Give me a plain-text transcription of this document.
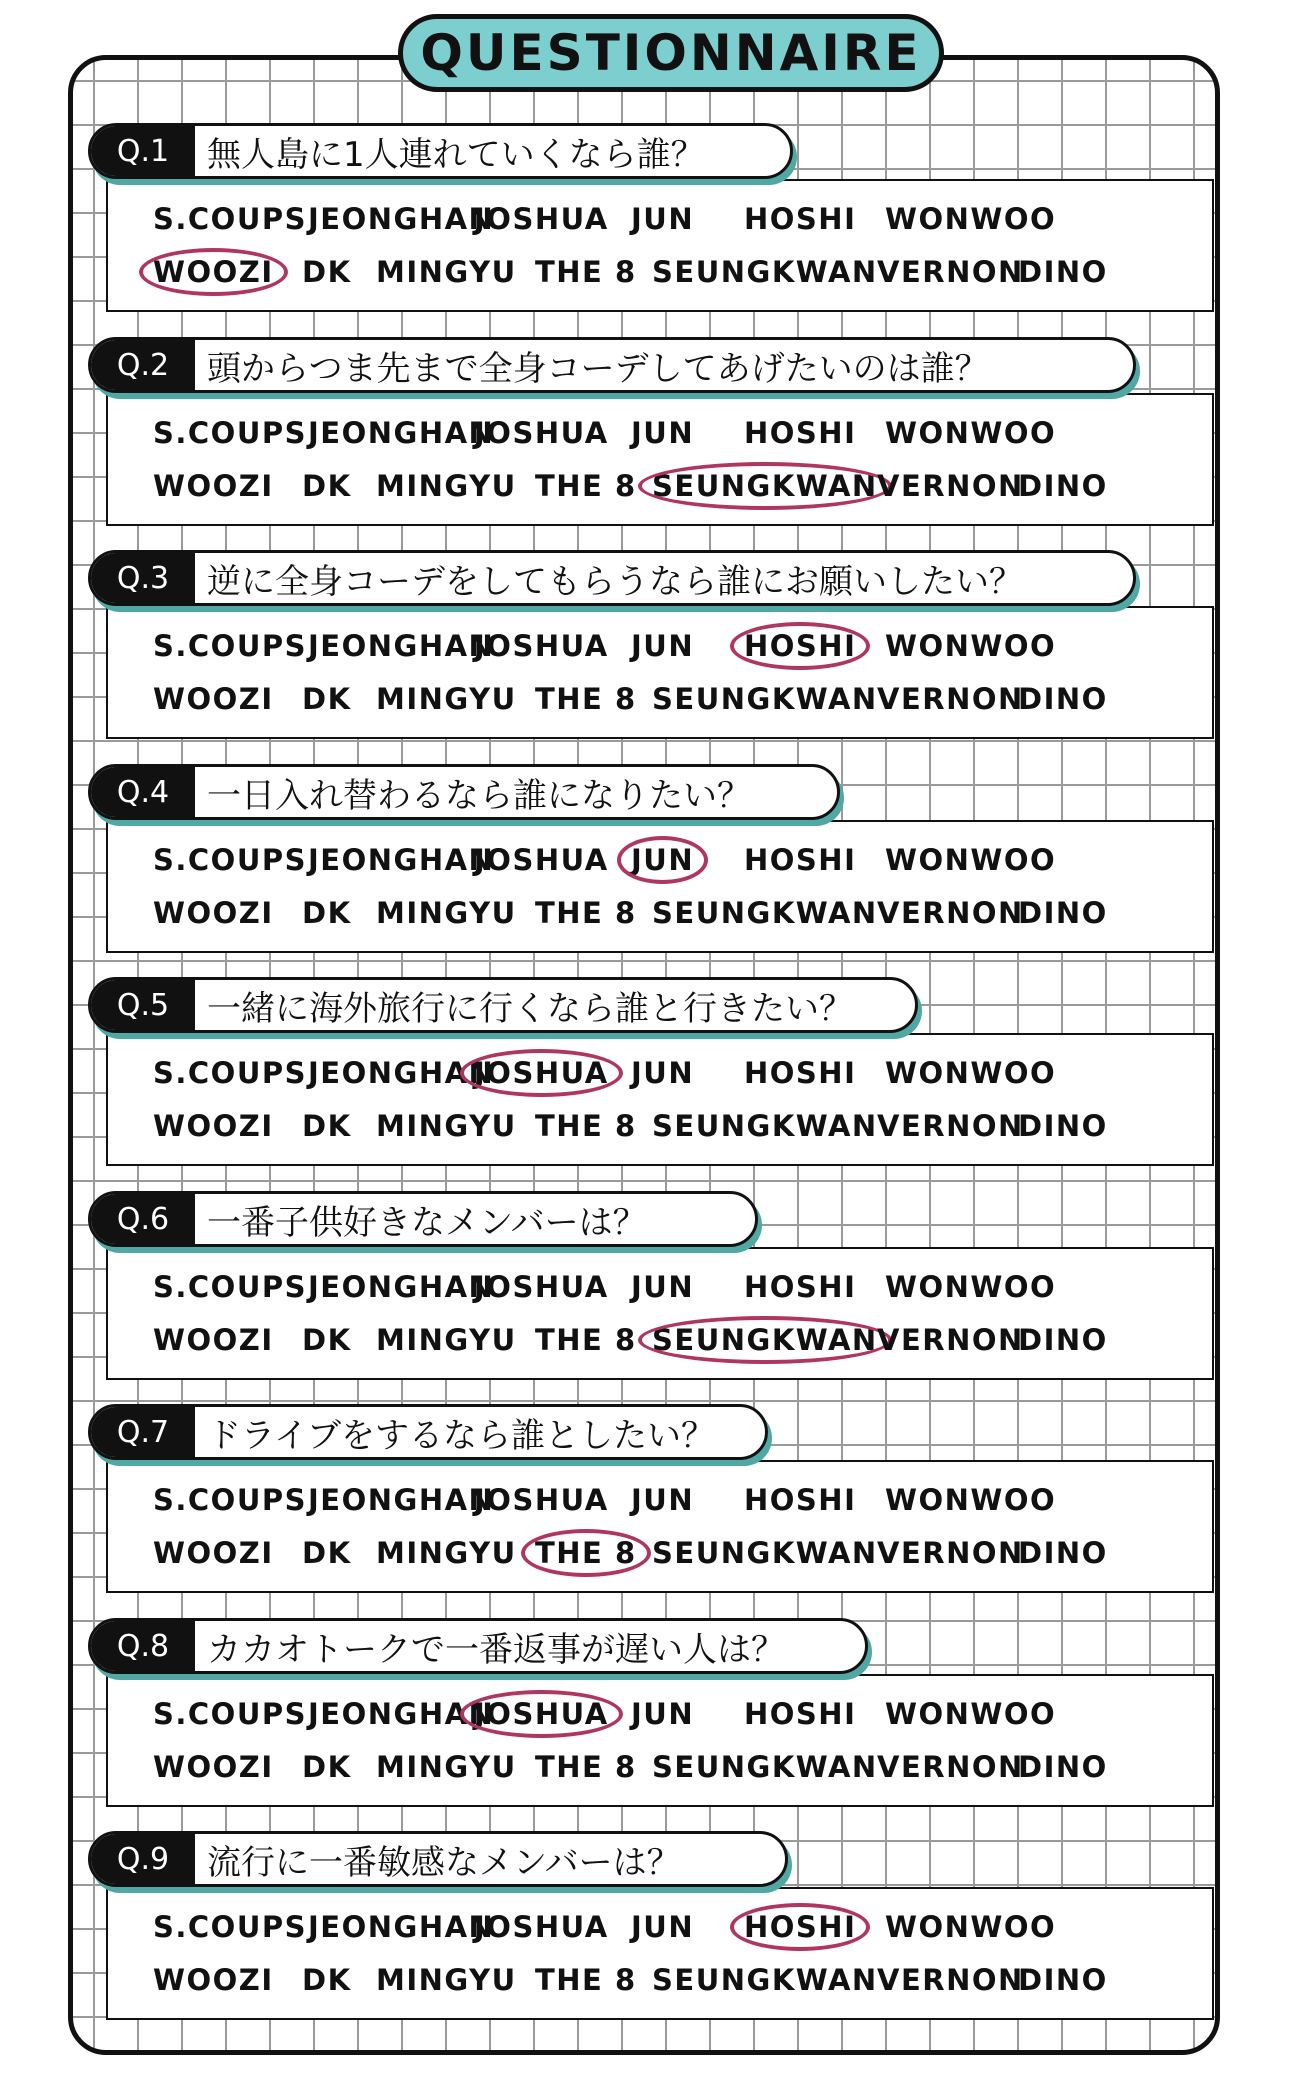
QUESTIONNAIRE
S.COUPS JEONGHAN
JOSHUA JUN HOSHI WONWOO
WOOZI DK MINGYU THE 8 SEUNGKWAN VERNON
DINO
Q.1	無人島に1人連れていくなら誰？
S.COUPS JEONGHAN
JOSHUA JUN HOSHI WONWOO
WOOZI DK MINGYU THE 8 SEUNGKWAN VERNON
DINO
Q.2	頭からつま先まで全身コーデしてあげたいのは誰？
S.COUPS JEONGHAN
JOSHUA JUN HOSHI WONWOO
WOOZI DK MINGYU THE 8 SEUNGKWAN VERNON
DINO
Q.3	逆に全身コーデをしてもらうなら誰にお願いしたい？
S.COUPS JEONGHAN
JOSHUA JUN HOSHI WONWOO
WOOZI DK MINGYU THE 8 SEUNGKWAN VERNON
DINO
Q.4	一日入れ替わるなら誰になりたい？
S.COUPS JEONGHAN
JOSHUA JUN HOSHI WONWOO
WOOZI DK MINGYU THE 8 SEUNGKWAN VERNON
DINO
Q.5	一緒に海外旅行に行くなら誰と行きたい？
S.COUPS JEONGHAN
JOSHUA JUN HOSHI WONWOO
WOOZI DK MINGYU THE 8 SEUNGKWAN VERNON
DINO
Q.6	一番子供好きなメンバーは？
S.COUPS JEONGHAN
JOSHUA JUN HOSHI WONWOO
WOOZI DK MINGYU THE 8 SEUNGKWAN VERNON
DINO
Q.7	ドライブをするなら誰としたい？
S.COUPS JEONGHAN
JOSHUA JUN HOSHI WONWOO
WOOZI DK MINGYU THE 8 SEUNGKWAN VERNON
DINO
Q.8	カカオトークで一番返事が遅い人は？
S.COUPS JEONGHAN
JOSHUA JUN HOSHI WONWOO
WOOZI DK MINGYU THE 8 SEUNGKWAN VERNON
DINO
Q.9	流行に一番敏感なメンバーは？
